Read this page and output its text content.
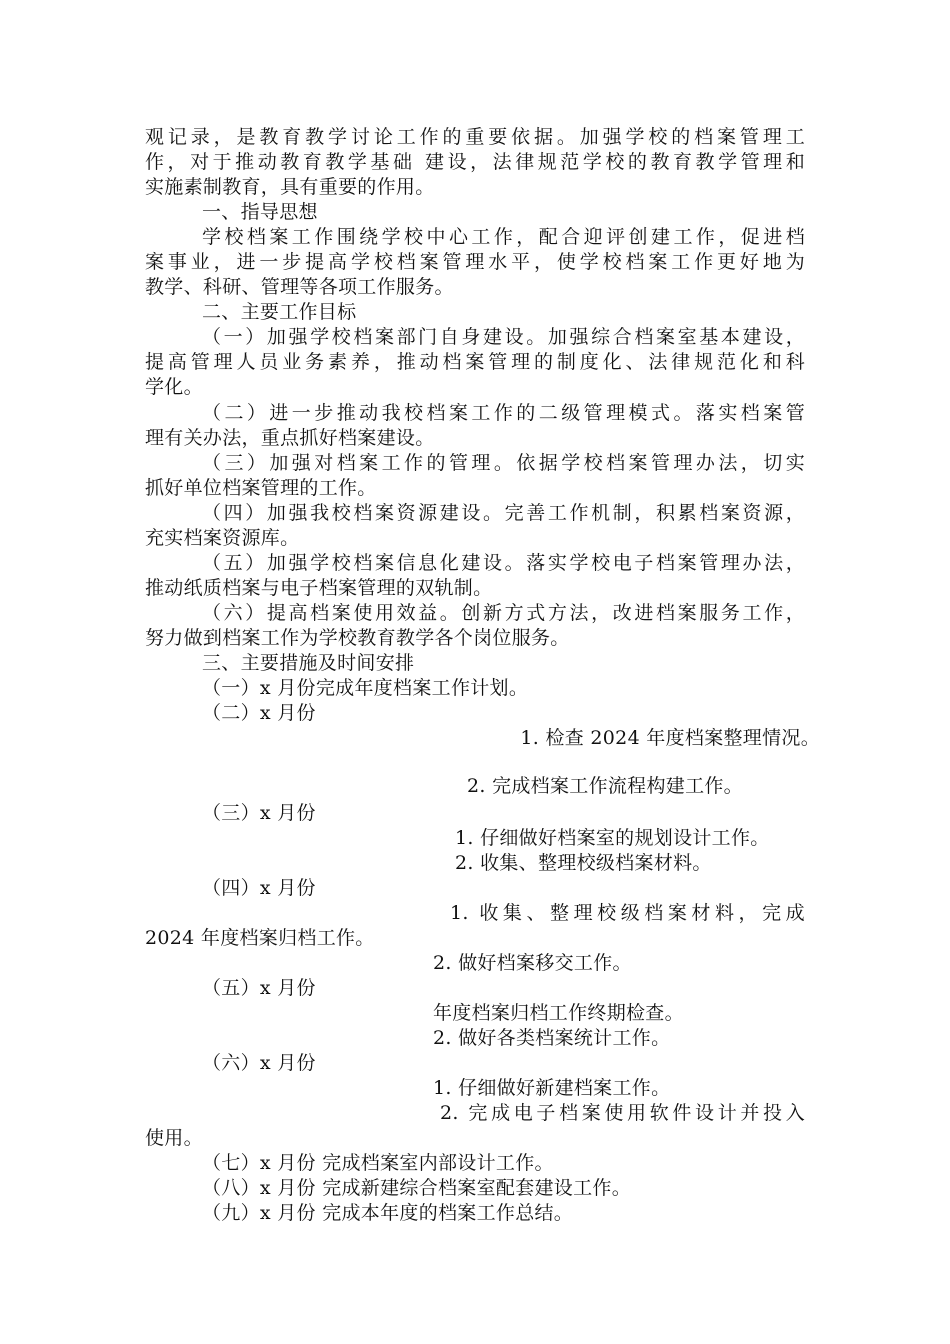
观记录，是教育教学讨论工作的重要依据。加强学校的档案管理工

作，对于推动教育教学基础 建设，法律规范学校的教育教学管理和

实施素制教育，具有重要的作用。

一、指导思想

学校档案工作围绕学校中心工作，配合迎评创建工作，促进档

案事业，进一步提高学校档案管理水平，使学校档案工作更好地为

教学、科研、管理等各项工作服务。

二、主要工作目标

（一）加强学校档案部门自身建设。加强综合档案室基本建设，

提高管理人员业务素养，推动档案管理的制度化、法律规范化和科

学化。

（二）进一步推动我校档案工作的二级管理模式。落实档案管

理有关办法，重点抓好档案建设。

（三）加强对档案工作的管理。依据学校档案管理办法，切实

抓好单位档案管理的工作。

（四）加强我校档案资源建设。完善工作机制，积累档案资源，

充实档案资源库。

（五）加强学校档案信息化建设。落实学校电子档案管理办法，

推动纸质档案与电子档案管理的双轨制。

（六）提高档案使用效益。创新方式方法，改进档案服务工作，

努力做到档案工作为学校教育教学各个岗位服务。

三、主要措施及时间安排

（一）x 月份完成年度档案工作计划。

（二）x 月份

1. 检查 2024 年度档案整理情况。

2. 完成档案工作流程构建工作。

（三）x 月份

1. 仔细做好档案室的规划设计工作。

2. 收集、整理校级档案材料。

（四）x 月份

1. 收集、整理校级档案材料，完成

2024 年度档案归档工作。

2. 做好档案移交工作。

（五）x 月份

年度档案归档工作终期检查。

2. 做好各类档案统计工作。

（六）x 月份

1. 仔细做好新建档案工作。

2. 完成电子档案使用软件设计并投入

使用。

（七）x 月份 完成档案室内部设计工作。

（八）x 月份 完成新建综合档案室配套建设工作。

（九）x 月份 完成本年度的档案工作总结。
